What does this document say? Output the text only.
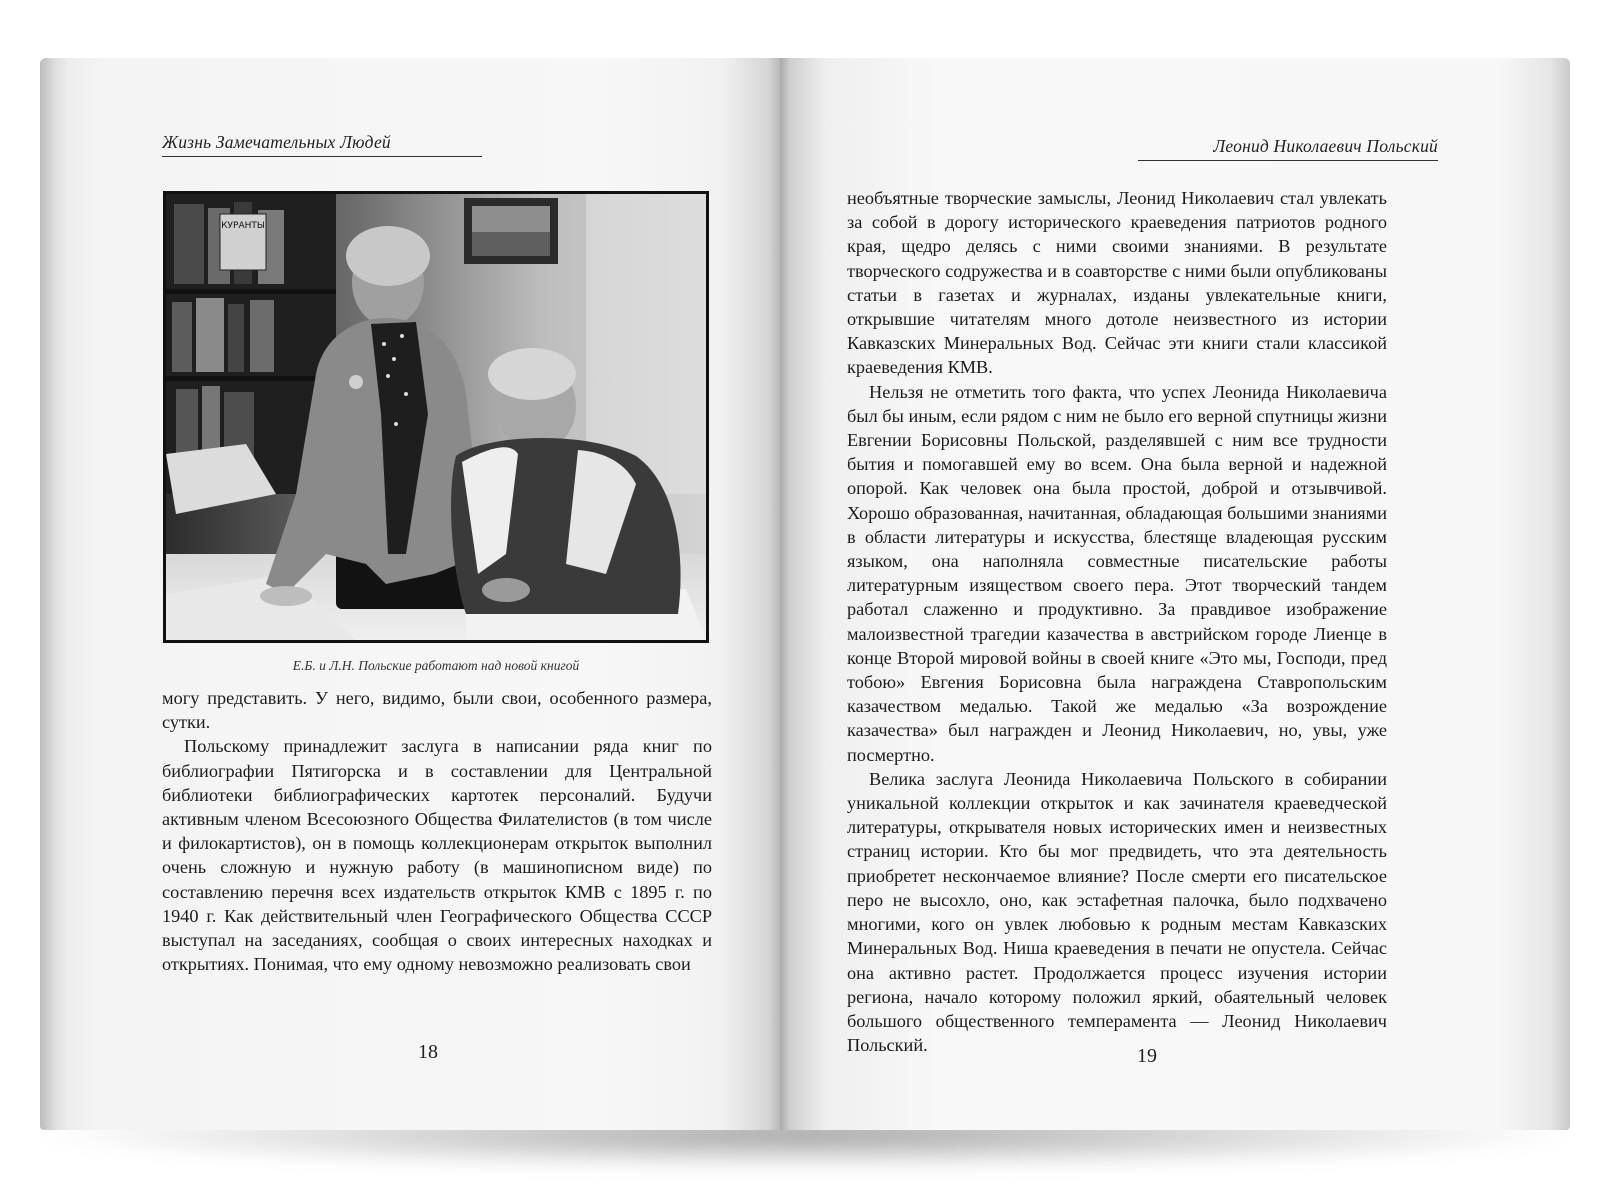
Жизнь Замечательных Людей
КУРАНТЫ
Е.Б. и Л.Н. Польские работают над новой книгой

могу представить. У него, видимо, были свои, особенного размера, сутки.

Польскому принадлежит заслуга в написании ряда книг по библиографии Пятигорска и в составлении для Центральной библиотеки библиографических картотек персоналий. Будучи активным членом Всесоюзного Общества Филателистов (в том числе и филокартистов), он в помощь коллекционерам открыток выполнил очень сложную и нужную работу (в машинописном виде) по составлению перечня всех издательств открыток КМВ с 1895 г. по 1940 г. Как действительный член Географического Общества СССР выступал на заседаниях, сообщая о своих интересных находках и открытиях. Понимая, что ему одному невозможно реализовать свои

18
Леонид Николаевич Польский

необъятные творческие замыслы, Леонид Николаевич стал увлекать за собой в дорогу исторического краеведения патриотов родного края, щедро делясь с ними своими знаниями. В результате творческого содружества и в соавторстве с ними были опубликованы статьи в газетах и журналах, изданы увлекательные книги, открывшие читателям много дотоле неизвестного из истории Кавказских Минеральных Вод. Сейчас эти книги стали классикой краеведения КМВ.

Нельзя не отметить того факта, что успех Леонида Николаевича был бы иным, если рядом с ним не было его верной спутницы жизни Евгении Борисовны Польской, разделявшей с ним все трудности бытия и помогавшей ему во всем. Она была верной и надежной опорой. Как человек она была простой, доброй и отзывчивой. Хорошо образованная, начитанная, обладающая большими знаниями в области литературы и искусства, блестяще владеющая русским языком, она наполняла совместные писательские работы литературным изяществом своего пера. Этот творческий тандем работал слаженно и продуктивно. За правдивое изображение малоизвестной трагедии казачества в австрийском городе Лиенце в конце Второй мировой войны в своей книге «Это мы, Господи, пред тобою» Евгения Борисовна была награждена Ставропольским казачеством медалью. Такой же медалью «За возрождение казачества» был награжден и Леонид Николаевич, но, увы, уже посмертно.

Велика заслуга Леонида Николаевича Польского в собирании уникальной коллекции открыток и как зачинателя краеведческой литературы, открывателя новых исторических имен и неизвестных страниц истории. Кто бы мог предвидеть, что эта деятельность приобретет нескончаемое влияние? После смерти его писательское перо не высохло, оно, как эстафетная палочка, было подхвачено многими, кого он увлек любовью к родным местам Кавказских Минеральных Вод. Ниша краеведения в печати не опустела. Сейчас она активно растет. Продолжается процесс изучения истории региона, начало которому положил яркий, обаятельный человек большого общественного темперамента — Леонид Николаевич Польский.	19
